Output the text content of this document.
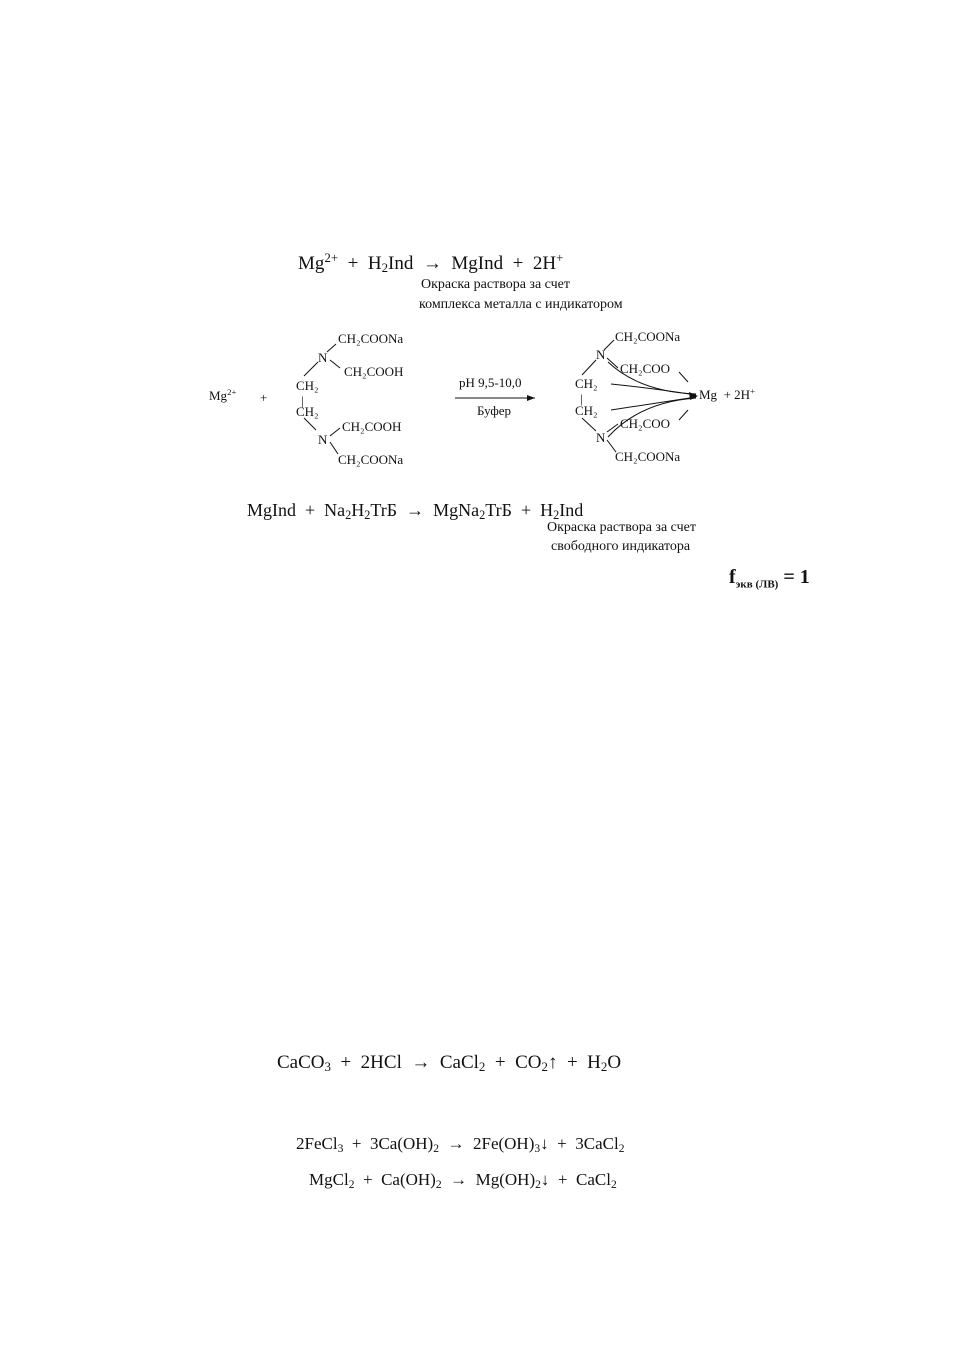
$Mg^{2+} + H_2Ind$ → MgInd + 2H+
Окраска раствора за счет
комплекса металла с индикатором
$Mg^{2+}$ +
CH₂COONa
N
CH₂COOH
CH₂
|
CH₂
CH₂COOH
N
CH₂COONa
pH 9,5-10,0
Буфер
CH₂COONa
N
CH₂COO
CH₂
|
CH₂
CH₂COO
N
CH₂COONa
Mg + 2H+
MgInd + $Na_2H_2TrБ$ → MgNa$_2$TrБ + $H_2Ind$
Окраска раствора за счет
свободного индикатора
$f_{экв (ЛВ)} = 1$
CaCO$_3$ + 2HCl → CaCl$_2$ + $CO_2↑ + H_2O$
2FeCl$_3$ + $3Ca(OH)_2$ → $2Fe(OH)_3↓$ + 3CaCl$_2$
MgCl$_2$ + $Ca(OH)_2$ → $Mg(OH)_2↓$ + CaCl$_2$
